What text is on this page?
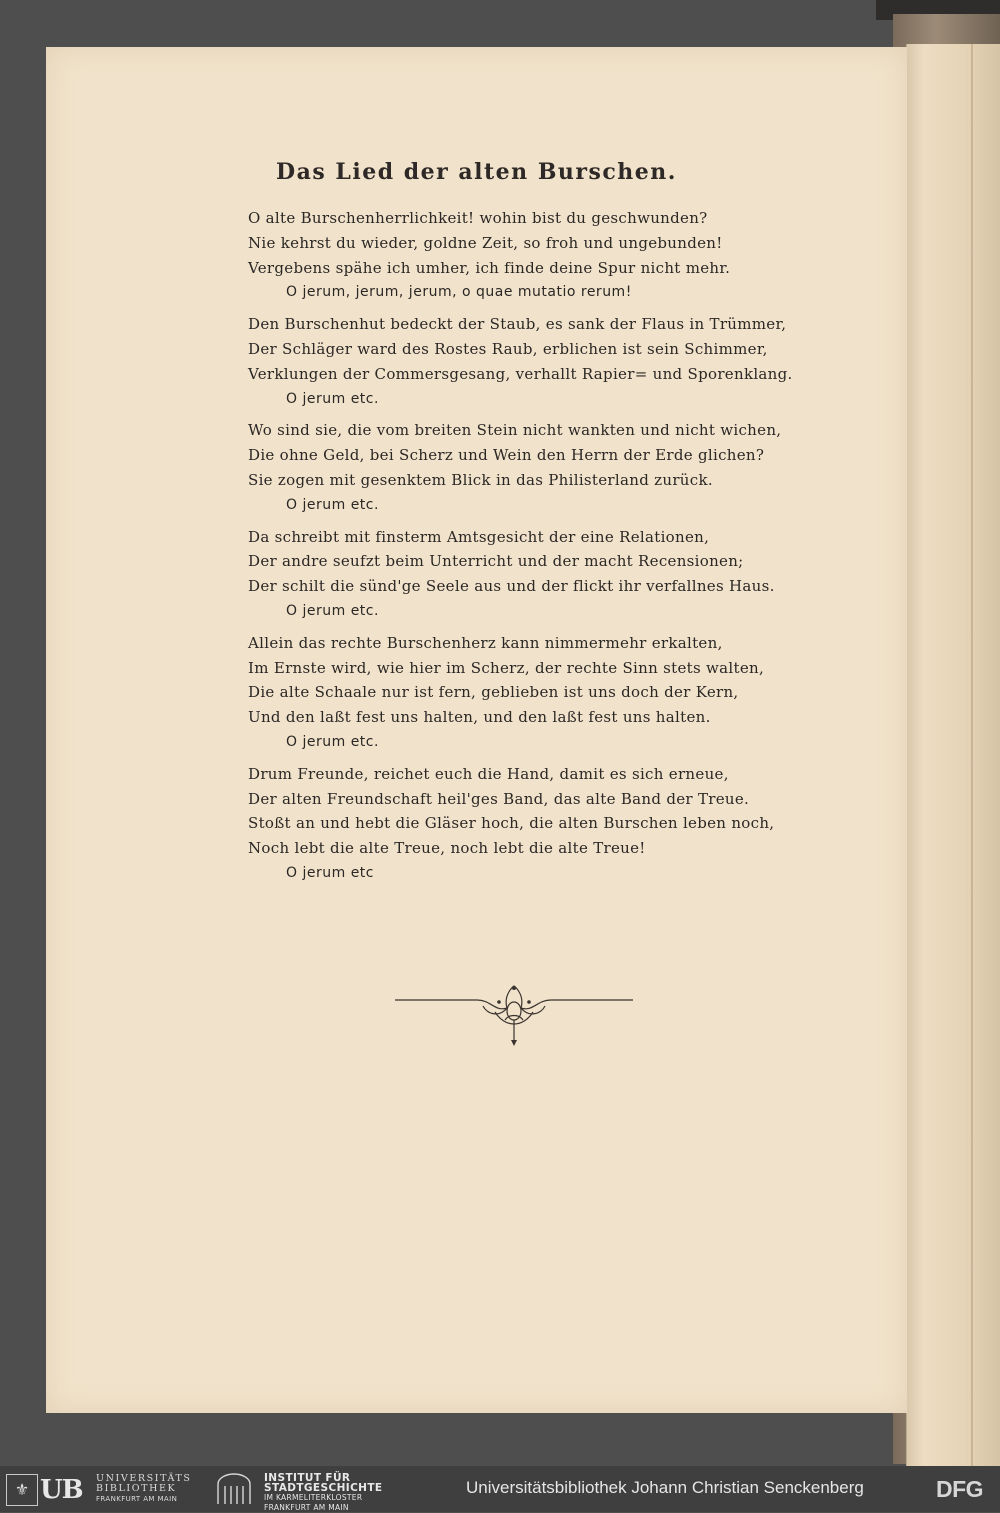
Das Lied der alten Burschen.
O alte Burschenherrlichkeit! wohin bist du geschwunden?
Nie kehrst du wieder, goldne Zeit, so froh und ungebunden!
Vergebens spähe ich umher, ich finde deine Spur nicht mehr.
O jerum, jerum, jerum, o quae mutatio rerum!
Den Burschenhut bedeckt der Staub, es sank der Flaus in Trümmer,
Der Schläger ward des Rostes Raub, erblichen ist sein Schimmer,
Verklungen der Commersgesang, verhallt Rapier= und Sporenklang.
O jerum etc.
Wo sind sie, die vom breiten Stein nicht wankten und nicht wichen,
Die ohne Geld, bei Scherz und Wein den Herrn der Erde glichen?
Sie zogen mit gesenktem Blick in das Philisterland zurück.
O jerum etc.
Da schreibt mit finsterm Amtsgesicht der eine Relationen,
Der andre seufzt beim Unterricht und der macht Recensionen;
Der schilt die sünd'ge Seele aus und der flickt ihr verfallnes Haus.
O jerum etc.
Allein das rechte Burschenherz kann nimmermehr erkalten,
Im Ernste wird, wie hier im Scherz, der rechte Sinn stets walten,
Die alte Schaale nur ist fern, geblieben ist uns doch der Kern,
Und den laßt fest uns halten, und den laßt fest uns halten.
O jerum etc.
Drum Freunde, reichet euch die Hand, damit es sich erneue,
Der alten Freundschaft heil'ges Band, das alte Band der Treue.
Stoßt an und hebt die Gläser hoch, die alten Burschen leben noch,
Noch lebt die alte Treue, noch lebt die alte Treue!
O jerum etc
⚜ UB UNIVERSITÄTS
BIBLIOTHEK
FRANKFURT AM MAIN
INSTITUT FÜR
STADTGESCHICHTE
IM KARMELITERKLOSTER
FRANKFURT AM MAIN
Universitätsbibliothek Johann Christian Senckenberg	DFG
